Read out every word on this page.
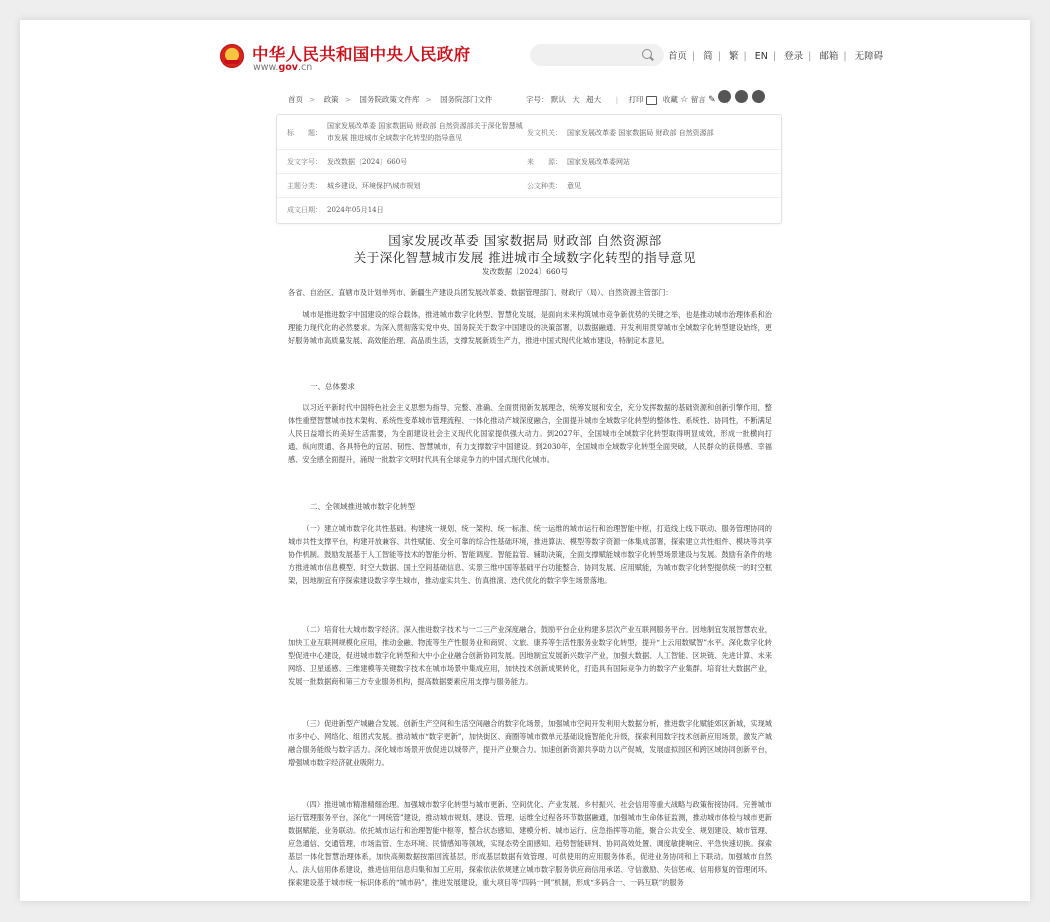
中华人民共和国中央人民政府
www.gov.cn
首页 | 简 | 繁 | EN | 登录 | 邮箱 | 无障碍
首页 > 政策 > 国务院政策文件库 > 国务院部门文件	字号： 默认 大 超大 | 打印	收藏 ☆ 留言 ✎
标　　题：
国家发展改革委 国家数据局 财政部 自然资源部关于深化智慧城
市发展 推进城市全域数字化转型的指导意见
发文机关： 国家发展改革委 国家数据局 财政部 自然资源部
发文字号： 发改数据〔2024〕660号	来　　源： 国家发展改革委网站
主题分类： 城乡建设、环境保护\城市规划	公文种类： 意见
成文日期： 2024年05月14日
国家发展改革委 国家数据局 财政部 自然资源部
关于深化智慧城市发展 推进城市全域数字化转型的指导意见
发改数据〔2024〕660号
各省、自治区、直辖市及计划单列市、新疆生产建设兵团发展改革委、数据管理部门、财政厅（局）、自然资源主管部门：
城市是推进数字中国建设的综合载体，推进城市数字化转型、智慧化发展，是面向未来构筑城市竞争新优势的关键之举，也是推动城市治理体系和治理能力现代化的必然要求。为深入贯彻落实党中央、国务院关于数字中国建设的决策部署，以数据融通、开发利用贯穿城市全域数字化转型建设始终，更好服务城市高质量发展、高效能治理、高品质生活，支撑发展新质生产力，推进中国式现代化城市建设，特制定本意见。
一、总体要求
以习近平新时代中国特色社会主义思想为指导，完整、准确、全面贯彻新发展理念，统筹发展和安全，充分发挥数据的基础资源和创新引擎作用，整体性重塑智慧城市技术架构、系统性变革城市管理流程、一体化推动产城深度融合，全面提升城市全域数字化转型的整体性、系统性、协同性，不断满足人民日益增长的美好生活需要，为全面建设社会主义现代化国家提供强大动力。到2027年，全国城市全域数字化转型取得明显成效，形成一批横向打通、纵向贯通、各具特色的宜居、韧性、智慧城市，有力支撑数字中国建设。到2030年，全国城市全域数字化转型全面突破，人民群众的获得感、幸福感、安全感全面提升，涌现一批数字文明时代具有全球竞争力的中国式现代化城市。
二、全领域推进城市数字化转型
（一）建立城市数字化共性基础。构建统一规划、统一架构、统一标准、统一运维的城市运行和治理智能中枢，打造线上线下联动、服务管理协同的城市共性支撑平台，构建开放兼容、共性赋能、安全可靠的综合性基础环境，推进算法、模型等数字资源一体集成部署，探索建立共性组件、模块等共享协作机制。鼓励发展基于人工智能等技术的智能分析、智能调度、智能监管、辅助决策，全面支撑赋能城市数字化转型场景建设与发展。鼓励有条件的地方推进城市信息模型、时空大数据、国土空间基础信息、实景三维中国等基础平台功能整合、协同发展、应用赋能，为城市数字化转型提供统一的时空框架，因地制宜有序探索建设数字孪生城市，推动虚实共生、仿真推演、迭代优化的数字孪生场景落地。
（二）培育壮大城市数字经济。深入推进数字技术与一二三产业深度融合，鼓励平台企业构建多层次产业互联网服务平台。因地制宜发展智慧农业，加快工业互联网规模化应用，推动金融、物流等生产性服务业和商贸、文旅、康养等生活性服务业数字化转型，提升“上云用数赋智”水平。深化数字化转型促进中心建设，促进城市数字化转型和大中小企业融合创新协同发展。因地制宜发展新兴数字产业，加强大数据、人工智能、区块链、先进计算、未来网络、卫星遥感、三维建模等关键数字技术在城市场景中集成应用，加快技术创新成果转化，打造具有国际竞争力的数字产业集群。培育壮大数据产业，发展一批数据商和第三方专业服务机构，提高数据要素应用支撑与服务能力。
（三）促进新型产城融合发展。创新生产空间和生活空间融合的数字化场景，加强城市空间开发利用大数据分析，推进数字化赋能郊区新城，实现城市多中心、网络化、组团式发展。推动城市“数字更新”，加快街区、商圈等城市微单元基础设施智能化升级，探索利用数字技术创新应用场景，激发产城融合服务能级与数字活力。深化城市场景开放促进以城带产，提升产业聚合力。加速创新资源共享助力以产促城，发展虚拟园区和跨区域协同创新平台，增强城市数字经济就业吸附力。
（四）推进城市精准精细治理。加强城市数字化转型与城市更新、空间优化、产业发展、乡村振兴、社会信用等重大战略与政策衔接协同。完善城市运行管理服务平台，深化“一网统管”建设，推动城市规划、建设、管理、运维全过程各环节数据融通，加强城市生命体征监测，推动城市体检与城市更新数据赋能、业务联动。依托城市运行和治理智能中枢等，整合状态感知、建模分析、城市运行、应急指挥等功能，聚合公共安全、规划建设、城市管理、应急通信、交通管理、市场监管、生态环境、民情感知等领域，实现态势全面感知、趋势智能研判、协同高效处置、调度敏捷响应、平急快速切换。探索基层一体化智慧治理体系，加快高频数据按需回流基层，形成基层数据有效管理、可供使用的应用服务体系，促进业务协同和上下联动。加强城市自然人、法人信用体系建设，推进信用信息归集和加工应用，探索依法依规建立城市数字服务供应商信用承诺、守信激励、失信惩戒、信用修复的管理闭环。探索建设基于城市统一标识体系的“城市码”，推进发展建设，重大项目等“四码一网”机制，形成“多码合一、一码互联”的服务
